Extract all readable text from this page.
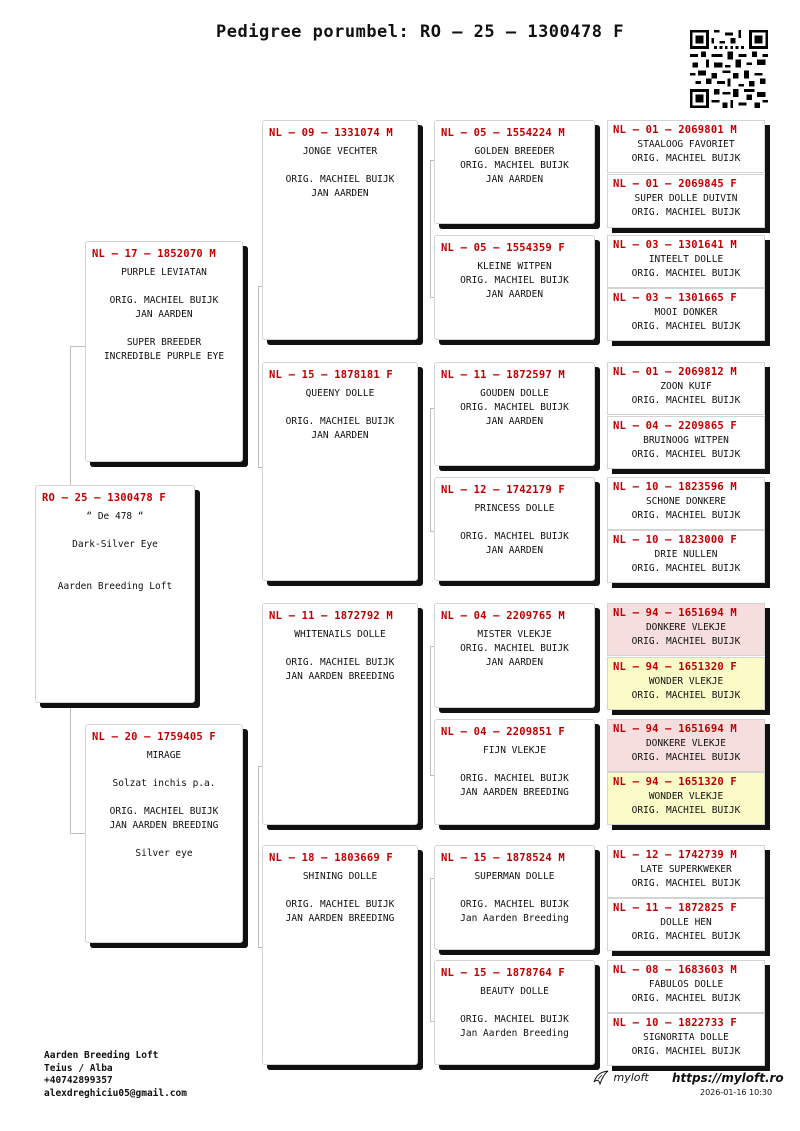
Pedigree porumbel: RO – 25 – 1300478 F
RO – 25 – 1300478 F
“ De 478 “

Dark-Silver Eye

Aarden Breeding Loft
NL – 17 – 1852070 M
PURPLE LEVIATAN

ORIG. MACHIEL BUIJK
JAN AARDEN

SUPER BREEDER
INCREDIBLE PURPLE EYE
NL – 20 – 1759405 F
MIRAGE

Solzat inchis p.a.

ORIG. MACHIEL BUIJK
JAN AARDEN BREEDING

Silver eye
NL – 09 – 1331074 M
JONGE VECHTER

ORIG. MACHIEL BUIJK
JAN AARDEN
NL – 15 – 1878181 F
QUEENY DOLLE

ORIG. MACHIEL BUIJK
JAN AARDEN
NL – 11 – 1872792 M
WHITENAILS DOLLE

ORIG. MACHIEL BUIJK
JAN AARDEN BREEDING
NL – 18 – 1803669 F
SHINING DOLLE

ORIG. MACHIEL BUIJK
JAN AARDEN BREEDING
NL – 05 – 1554224 M
GOLDEN BREEDER
ORIG. MACHIEL BUIJK
JAN AARDEN
NL – 05 – 1554359 F
KLEINE WITPEN
ORIG. MACHIEL BUIJK
JAN AARDEN
NL – 11 – 1872597 M
GOUDEN DOLLE
ORIG. MACHIEL BUIJK
JAN AARDEN
NL – 12 – 1742179 F
PRINCESS DOLLE

ORIG. MACHIEL BUIJK
JAN AARDEN
NL – 04 – 2209765 M
MISTER VLEKJE
ORIG. MACHIEL BUIJK
JAN AARDEN
NL – 04 – 2209851 F
FIJN VLEKJE

ORIG. MACHIEL BUIJK
JAN AARDEN BREEDING
NL – 15 – 1878524 M
SUPERMAN DOLLE

ORIG. MACHIEL BUIJK
Jan Aarden Breeding
NL – 15 – 1878764 F
BEAUTY DOLLE

ORIG. MACHIEL BUIJK
Jan Aarden Breeding
NL – 01 – 2069801 M
STAALOOG FAVORIET
ORIG. MACHIEL BUIJK
NL – 01 – 2069845 F
SUPER DOLLE DUIVIN
ORIG. MACHIEL BUIJK
NL – 03 – 1301641 M
INTEELT DOLLE
ORIG. MACHIEL BUIJK
NL – 03 – 1301665 F
MOOI DONKER
ORIG. MACHIEL BUIJK
NL – 01 – 2069812 M
ZOON KUIF
ORIG. MACHIEL BUIJK
NL – 04 – 2209865 F
BRUINOOG WITPEN
ORIG. MACHIEL BUIJK
NL – 10 – 1823596 M
SCHONE DONKERE
ORIG. MACHIEL BUIJK
NL – 10 – 1823000 F
DRIE NULLEN
ORIG. MACHIEL BUIJK
NL – 94 – 1651694 M
DONKERE VLEKJE
ORIG. MACHIEL BUIJK
NL – 94 – 1651320 F
WONDER VLEKJE
ORIG. MACHIEL BUIJK
NL – 94 – 1651694 M
DONKERE VLEKJE
ORIG. MACHIEL BUIJK
NL – 94 – 1651320 F
WONDER VLEKJE
ORIG. MACHIEL BUIJK
NL – 12 – 1742739 M
LATE SUPERKWEKER
ORIG. MACHIEL BUIJK
NL – 11 – 1872825 F
DOLLE HEN
ORIG. MACHIEL BUIJK
NL – 08 – 1683603 M
FABULOS DOLLE
ORIG. MACHIEL BUIJK
NL – 10 – 1822733 F
SIGNORITA DOLLE
ORIG. MACHIEL BUIJK
Aarden Breeding Loft
Teius / Alba
+40742899357
alexdreghiciu05@gmail.com
myloft https://myloft.ro
2026-01-16 10:30
